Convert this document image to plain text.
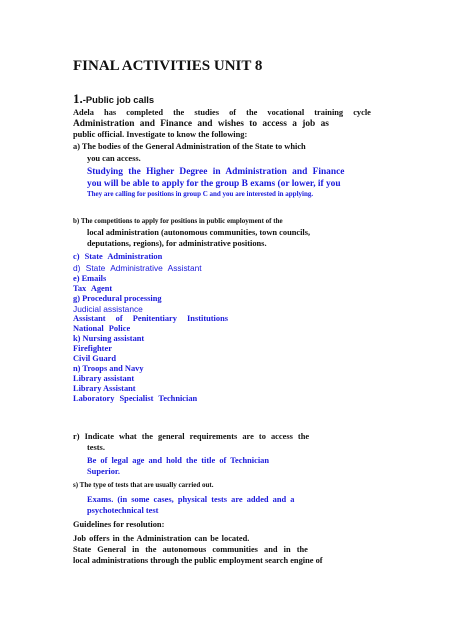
FINAL ACTIVITIES UNIT 8
1.-Public job calls
Adela has completed the studies of the vocational training cycle
Administration and Finance and wishes to access a job as
public official. Investigate to know the following:
a) The bodies of the General Administration of the State to which
you can access.
Studying the Higher Degree in Administration and Finance
you will be able to apply for the group B exams (or lower, if you
They are calling for positions in group C and you are interested in applying.
b) The competitions to apply for positions in public employment of the
local administration (autonomous communities, town councils,
deputations, regions), for administrative positions.
c) State Administration
d) State Administrative Assistant
e) Emails
Tax Agent
g) Procedural processing
Judicial assistance
Assistant of Penitentiary Institutions
National Police
k) Nursing assistant
Firefighter
Civil Guard
n) Troops and Navy
Library assistant
Library Assistant
Laboratory Specialist Technician
r) Indicate what the general requirements are to access the
tests.
Be of legal age and hold the title of Technician
Superior.
s) The type of tests that are usually carried out.
Exams. (in some cases, physical tests are added and a
psychotechnical test
Guidelines for resolution:
Job offers in the Administration can be located.
State General in the autonomous communities and in the
local administrations through the public employment search engine of
